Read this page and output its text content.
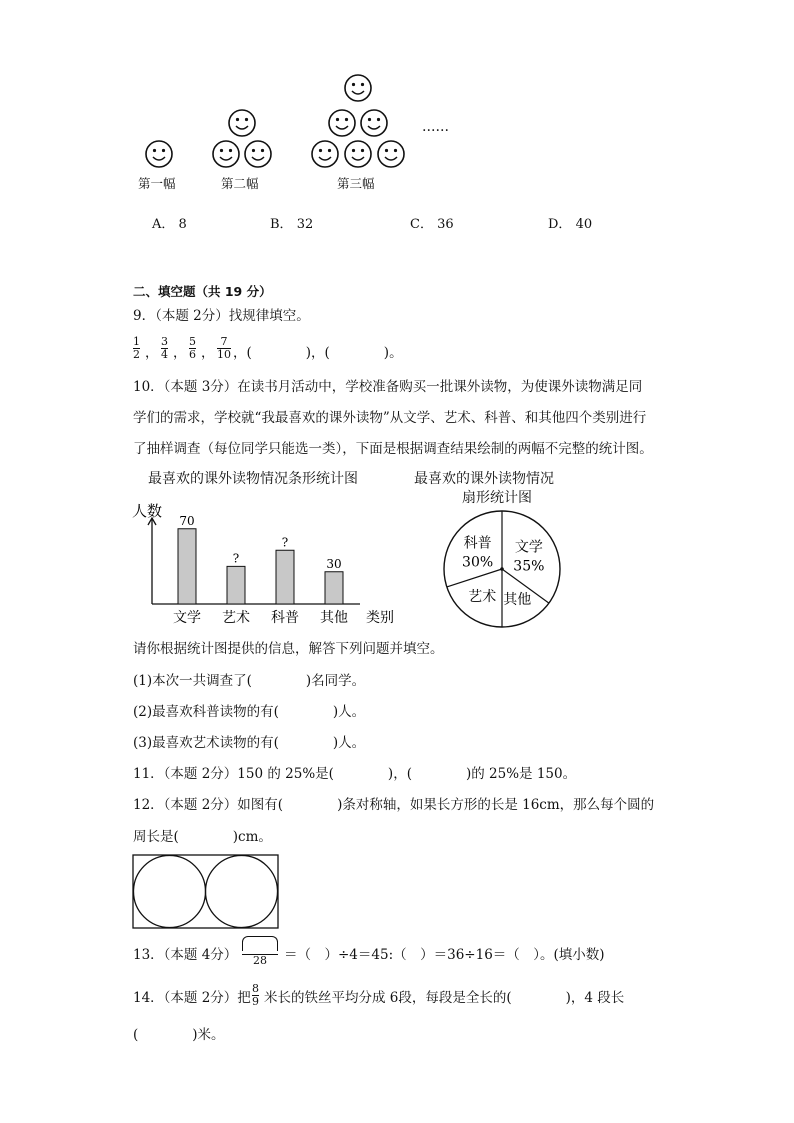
……
第一幅	第二幅	第三幅
A． 8	B． 32	C． 36	D． 40
二、填空题（共 19 分）
9．（本题 2分）找规律填空。
1
2 ，
3
4 ，
5
6 ，
7
10 ，(　　　　)，(　　　　)。
10．（本题 3分）在读书月活动中，学校准备购买一批课外读物，为使课外读物满足同
学们的需求，学校就“我最喜欢的课外读物”从文学、艺术、科普、和其他四个类别进行
了抽样调查（每位同学只能选一类），下面是根据调查结果绘制的两幅不完整的统计图。
最喜欢的课外读物情况条形统计图
人数
类别
70
文学
?
艺术
?
科普
30
其他
最喜欢的课外读物情况
扇形统计图
文学
35%
其他
艺术
科普
30%
请你根据统计图提供的信息，解答下列问题并填空。
(1)本次一共调查了(　　　　)名同学。
(2)最喜欢科普读物的有(　　　　)人。
(3)最喜欢艺术读物的有(　　　　)人。
11．（本题 2分）150 的 25%是(　　　　)，(　　　　)的 25%是 150。
12．（本题 2分）如图有(　　　　)条对称轴，如果长方形的长是 16cm，那么每个圆的
周长是(　　　　)cm。
13．（本题 4分）	28	＝（　）÷4＝45:（　）＝36÷16＝（　）。(填小数)
14．（本题 2分）把
8
9 米长的铁丝平均分成 6段，每段是全长的(　　　　)，4 段长
(　　　　)米。
